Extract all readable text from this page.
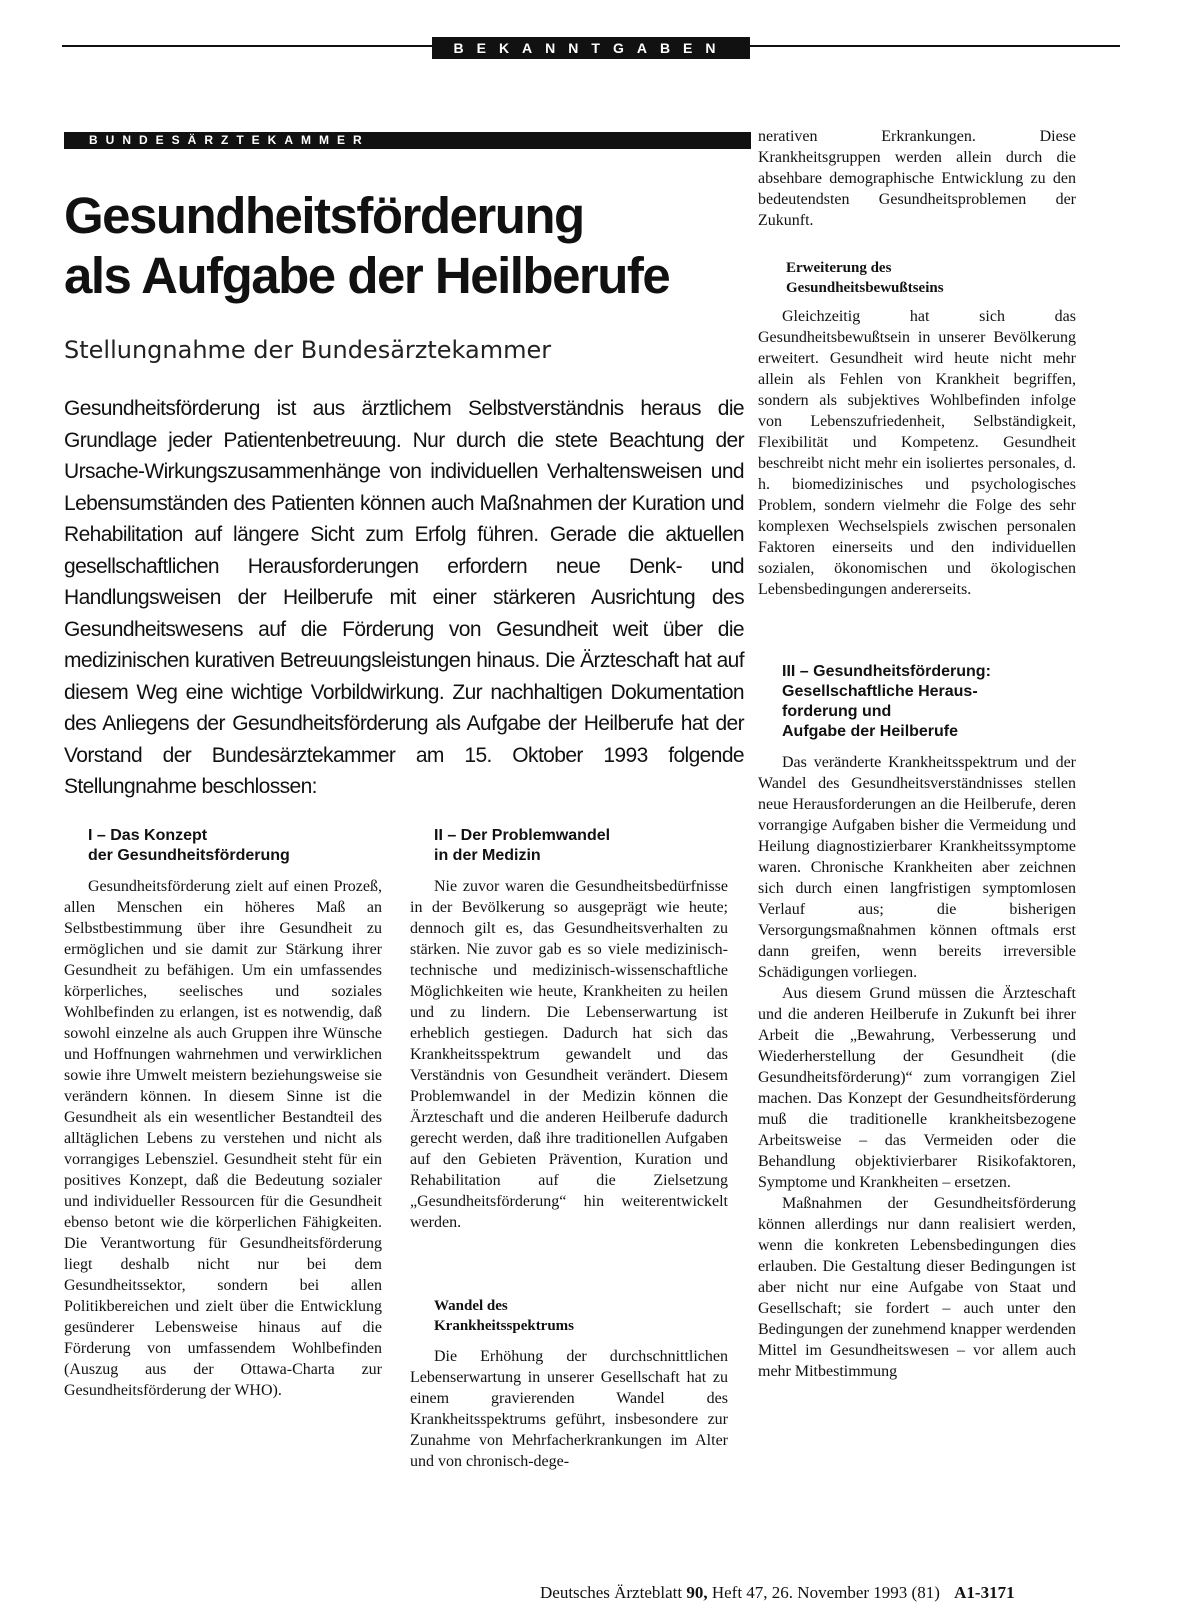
BEKANNTGABEN
BUNDESÄRZTEKAMMER
Gesundheitsförderung
als Aufgabe der Heilberufe
Stellungnahme der Bundesärztekammer

Gesundheitsförderung ist aus ärztlichem Selbstverständnis heraus die Grundlage jeder Patientenbetreuung. Nur durch die stete Beachtung der Ursache-Wirkungszusammenhänge von individuellen Verhaltensweisen und Lebensumständen des Patienten können auch Maßnahmen der Kuration und Rehabilitation auf längere Sicht zum Erfolg führen. Gerade die aktuellen gesellschaftlichen Herausforderungen erfordern neue Denk- und Handlungsweisen der Heilberufe mit einer stärkeren Ausrichtung des Gesundheitswesens auf die Förderung von Gesundheit weit über die medizinischen kurativen Betreuungsleistungen hinaus. Die Ärzteschaft hat auf diesem Weg eine wichtige Vorbildwirkung. Zur nachhaltigen Dokumentation des Anliegens der Gesundheitsförderung als Aufgabe der Heilberufe hat der Vorstand der Bundesärztekammer am 15. Oktober 1993 folgende Stellungnahme beschlossen:

I – Das Konzept
der Gesundheitsförderung

Gesundheitsförderung zielt auf einen Prozeß, allen Menschen ein höheres Maß an Selbstbestimmung über ihre Gesundheit zu ermöglichen und sie damit zur Stärkung ihrer Gesundheit zu befähigen. Um ein umfassendes körperliches, seelisches und soziales Wohlbefinden zu erlangen, ist es notwendig, daß sowohl einzelne als auch Gruppen ihre Wünsche und Hoffnungen wahrnehmen und verwirklichen sowie ihre Umwelt meistern beziehungsweise sie verändern können. In diesem Sinne ist die Gesundheit als ein wesentlicher Bestandteil des alltäglichen Lebens zu verstehen und nicht als vorrangiges Lebensziel. Gesundheit steht für ein positives Konzept, daß die Bedeutung sozialer und individueller Ressourcen für die Gesundheit ebenso betont wie die körperlichen Fähigkeiten. Die Verantwortung für Gesundheitsförderung liegt deshalb nicht nur bei dem Gesundheitssektor, sondern bei allen Politikbereichen und zielt über die Entwicklung gesünderer Lebensweise hinaus auf die Förderung von umfassendem Wohlbefinden (Auszug aus der Ottawa-Charta zur Gesundheitsförderung der WHO).

II – Der Problemwandel
in der Medizin

Nie zuvor waren die Gesundheitsbedürfnisse in der Bevölkerung so ausgeprägt wie heute; dennoch gilt es, das Gesundheitsverhalten zu stärken. Nie zuvor gab es so viele medizinisch-technische und medizinisch-wissenschaftliche Möglichkeiten wie heute, Krankheiten zu heilen und zu lindern. Die Lebenserwartung ist erheblich gestiegen. Dadurch hat sich das Krankheitsspektrum gewandelt und das Verständnis von Gesundheit verändert. Diesem Problemwandel in der Medizin können die Ärzteschaft und die anderen Heilberufe dadurch gerecht werden, daß ihre traditionellen Aufgaben auf den Gebieten Prävention, Kuration und Rehabilitation auf die Zielsetzung „Gesundheitsförderung“ hin weiterentwickelt werden.

Wandel des
Krankheitsspektrums

Die Erhöhung der durchschnittlichen Lebenserwartung in unserer Gesellschaft hat zu einem gravierenden Wandel des Krankheitsspektrums geführt, insbesondere zur Zunahme von Mehrfacherkrankungen im Alter und von chronisch-dege-

nerativen Erkrankungen. Diese Krankheitsgruppen werden allein durch die absehbare demographische Entwicklung zu den bedeutendsten Gesundheitsproblemen der Zukunft.

Erweiterung des
Gesundheitsbewußtseins

Gleichzeitig hat sich das Gesundheitsbewußtsein in unserer Bevölkerung erweitert. Gesundheit wird heute nicht mehr allein als Fehlen von Krankheit begriffen, sondern als subjektives Wohlbefinden infolge von Lebenszufriedenheit, Selbständigkeit, Flexibilität und Kompetenz. Gesundheit beschreibt nicht mehr ein isoliertes personales, d. h. biomedizinisches und psychologisches Problem, sondern vielmehr die Folge des sehr komplexen Wechselspiels zwischen personalen Faktoren einerseits und den individuellen sozialen, ökonomischen und ökologischen Lebensbedingungen andererseits.

III – Gesundheitsförderung:
Gesellschaftliche Heraus-
forderung und
Aufgabe der Heilberufe

Das veränderte Krankheitsspektrum und der Wandel des Gesundheitsverständnisses stellen neue Herausforderungen an die Heilberufe, deren vorrangige Aufgaben bisher die Vermeidung und Heilung diagnostizierbarer Krankheitssymptome waren. Chronische Krankheiten aber zeichnen sich durch einen langfristigen symptomlosen Verlauf aus; die bisherigen Versorgungsmaßnahmen können oftmals erst dann greifen, wenn bereits irreversible Schädigungen vorliegen.

Aus diesem Grund müssen die Ärzteschaft und die anderen Heilberufe in Zukunft bei ihrer Arbeit die „Bewahrung, Verbesserung und Wiederherstellung der Gesundheit (die Gesundheitsförderung)“ zum vorrangigen Ziel machen. Das Konzept der Gesundheitsförderung muß die traditionelle krankheitsbezogene Arbeitsweise – das Vermeiden oder die Behandlung objektivierbarer Risikofaktoren, Symptome und Krankheiten – ersetzen.

Maßnahmen der Gesundheitsförderung können allerdings nur dann realisiert werden, wenn die konkreten Lebensbedingungen dies erlauben. Die Gestaltung dieser Bedingungen ist aber nicht nur eine Aufgabe von Staat und Gesellschaft; sie fordert – auch unter den Bedingungen der zunehmend knapper werdenden Mittel im Gesundheitswesen – vor allem auch mehr Mitbestimmung

Deutsches Ärzteblatt 90, Heft 47, 26. November 1993 (81) A1-3171
